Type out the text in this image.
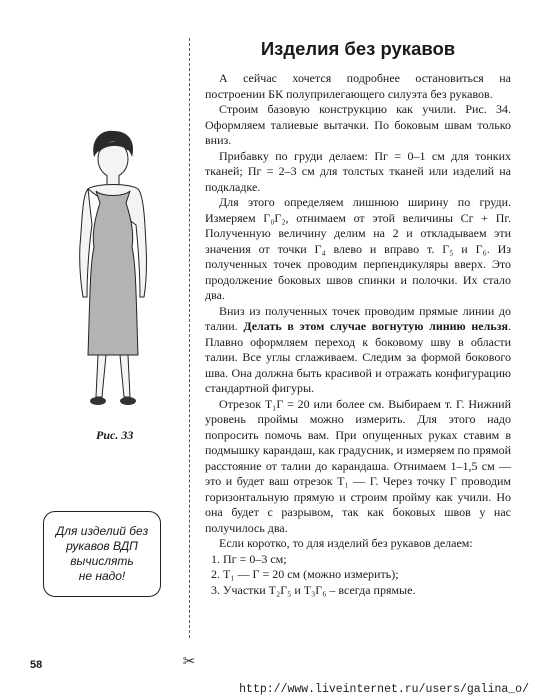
✂
Рис. 33
Для изделий без
рукавов ВДП
вычислять
не надо!
58
http://www.liveinternet.ru/users/galina_o/
Изделия без рукавов

А сейчас хочется подробнее остановиться на построении БК полуприлегающего силуэта без рукавов.

Строим базовую конструкцию как учили. Рис. 34. Оформляем талиевые вытачки. По боковым швам только вниз.

Прибавку по груди делаем: Пг = 0–1 см для тонких тканей; Пг = 2–3 см для толстых тканей или изделий на подкладке.

Для этого определяем лишнюю ширину по груди. Измеряем Г₀Г₂, отнимаем от этой величины Сг + Пг. Полученную величину делим на 2 и откладываем эти значения от точки Г₄ влево и вправо т. Г₅ и Г₆. Из полученных точек проводим перпендикуляры вверх. Это продолжение боковых швов спинки и полочки. Их стало два.

Вниз из полученных точек проводим прямые линии до талии. Делать в этом случае вогнутую линию нельзя. Плавно оформляем переход к боковому шву в области талии. Все углы сглаживаем. Следим за формой бокового шва. Она должна быть красивой и отражать конфигурацию стандартной фигуры.

Отрезок Т₁Г = 20 или более см. Выбираем т. Г. Нижний уровень проймы можно измерить. Для этого надо попросить помочь вам. При опущенных руках ставим в подмышку карандаш, как градусник, и измеряем по прямой расстояние от талии до карандаша. Отнимаем 1–1,5 см — это и будет ваш отрезок Т₁ — Г. Через точку Г проводим горизонтальную прямую и строим пройму как учили. Но она будет с разрывом, так как боковых швов у нас получилось два.

Если коротко, то для изделий без рукавов делаем:

1. Пг = 0–3 см;
2. Т₁ — Г = 20 см (можно измерить);
3. Участки Т₂Г₅ и Т₃Г₆ – всегда прямые.
